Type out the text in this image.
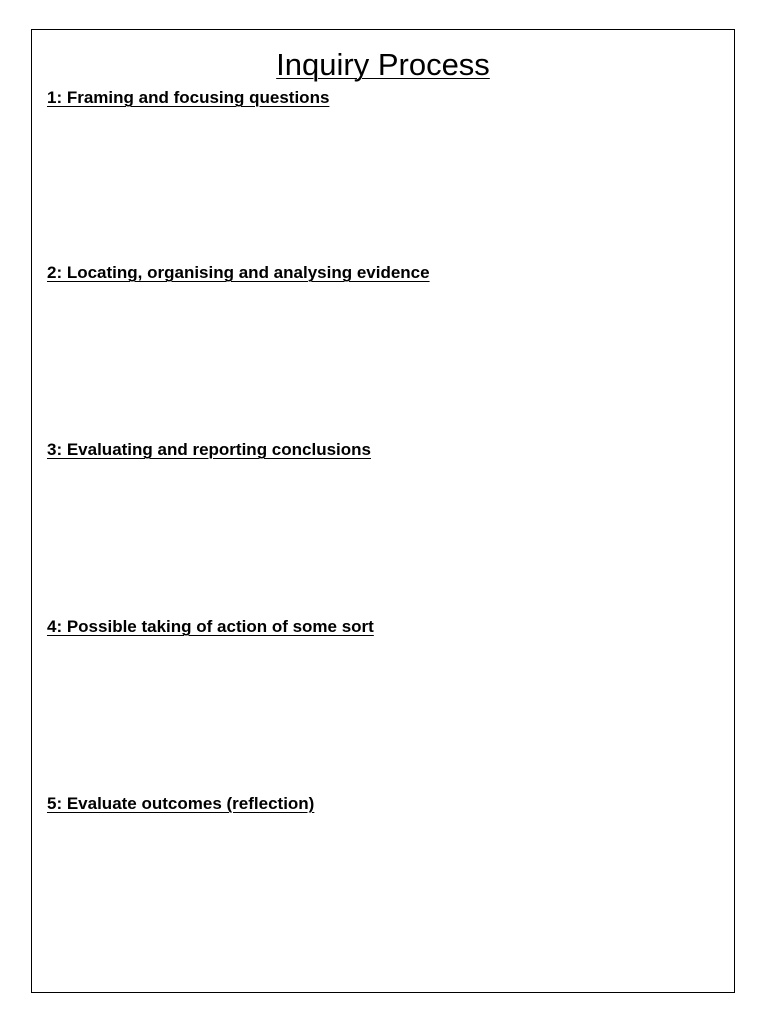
Inquiry Process
1: Framing and focusing questions
2: Locating, organising and analysing evidence
3: Evaluating and reporting conclusions
4: Possible taking of action of some sort
5: Evaluate outcomes (reflection)
